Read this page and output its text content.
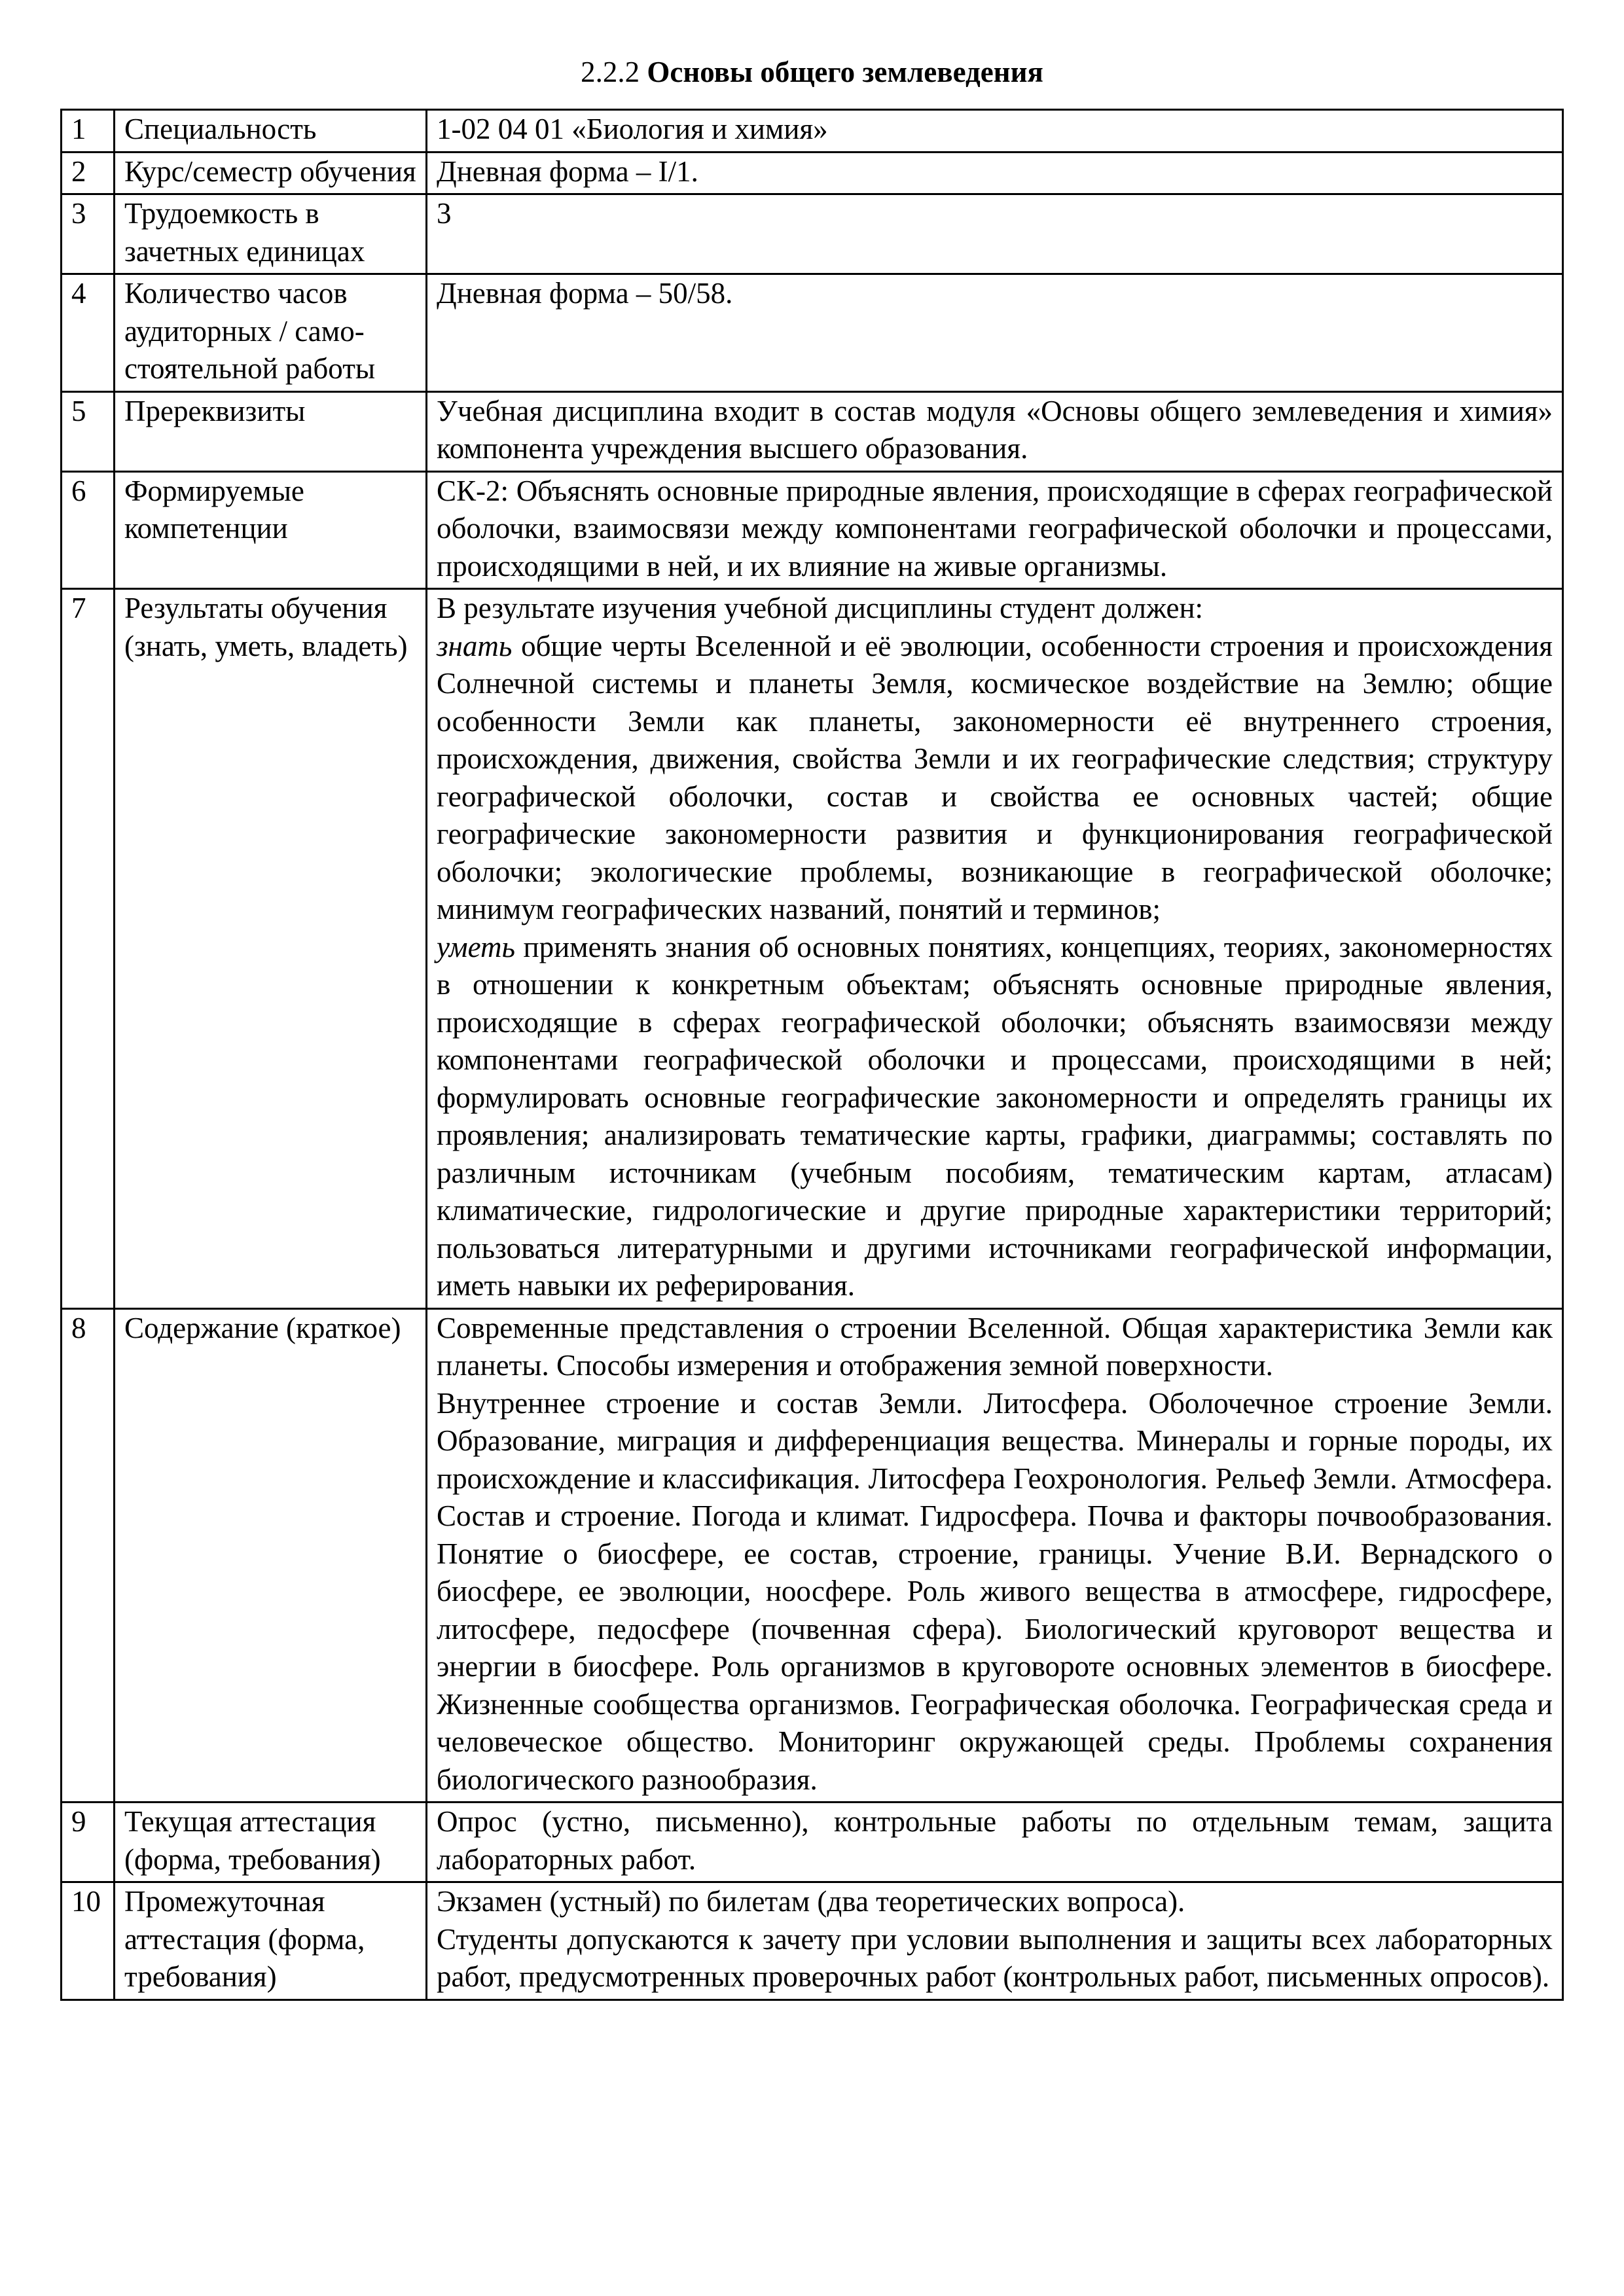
2.2.2 Основы общего землеведения
1	Специальность	1-02 04 01 «Биология и химия»

2	Курс/семестр обучения	Дневная форма – I/1.

3	Трудоемкость в зачетных единицах	3

4	Количество часов аудиторных / само-стоятельной работы	Дневная форма – 50/58.

5	Пререквизиты	Учебная дисциплина входит в состав модуля «Основы общего землеведения и химия» компонента учреждения высшего образования.

6	Формируемые компетенции	СК-2: Объяснять основные природные явления, происходящие в сферах географической оболочки, взаимосвязи между компонентами географической оболочки и процессами, происходящими в ней, и их влияние на живые организмы.

7	Результаты обучения (знать, уметь, владеть)	В результате изучения учебной дисциплины студент должен:

знать общие черты Вселенной и её эволюции, особенности строения и происхождения Солнечной системы и планеты Земля, космическое воздействие на Землю; общие особенности Земли как планеты, закономерности её внутреннего строения, происхождения, движения, свойства Земли и их географические следствия; структуру географической оболочки, состав и свойства ее основных частей; общие географические закономерности развития и функционирования географической оболочки; экологические проблемы, возникающие в географической оболочке; минимум географических названий, понятий и терминов;

уметь применять знания об основных понятиях, концепциях, теориях, закономерностях в отношении к конкретным объектам; объяснять основные природные явления, происходящие в сферах географической оболочки; объяснять взаимосвязи между компонентами географической оболочки и процессами, происходящими в ней; формулировать основные географические закономерности и определять границы их проявления; анализировать тематические карты, графики, диаграммы; составлять по различным источникам (учебным пособиям, тематическим картам, атласам) климатические, гидрологические и другие природные характеристики территорий; пользоваться литературными и другими источниками географической информации, иметь навыки их реферирования.

8	Содержание (краткое)	Современные представления о строении Вселенной. Общая характеристика Земли как планеты. Способы измерения и отображения земной поверхности.

Внутреннее строение и состав Земли. Литосфера. Оболочечное строение Земли. Образование, миграция и дифференциация вещества. Минералы и горные породы, их происхождение и классификация. Литосфера Геохронология. Рельеф Земли. Атмосфера. Состав и строение. Погода и климат. Гидросфера. Почва и факторы почвообразования. Понятие о биосфере, ее состав, строение, границы. Учение В.И. Вернадского о биосфере, ее эволюции, ноосфере. Роль живого вещества в атмосфере, гидросфере, литосфере, педосфере (почвенная сфера). Биологический круговорот вещества и энергии в биосфере. Роль организмов в круговороте основных элементов в биосфере. Жизненные сообщества организмов. Географическая оболочка. Географическая среда и человеческое общество. Мониторинг окружающей среды. Проблемы сохранения биологического разнообразия.

9	Текущая аттестация (форма, требования)	Опрос (устно, письменно), контрольные работы по отдельным темам, защита лабораторных работ.

10	Промежуточная аттестация (форма, требования)	Экзамен (устный) по билетам (два теоретических вопроса).

Студенты допускаются к зачету при условии выполнения и защиты всех лабораторных работ, предусмотренных проверочных работ (контрольных работ, письменных опросов).
